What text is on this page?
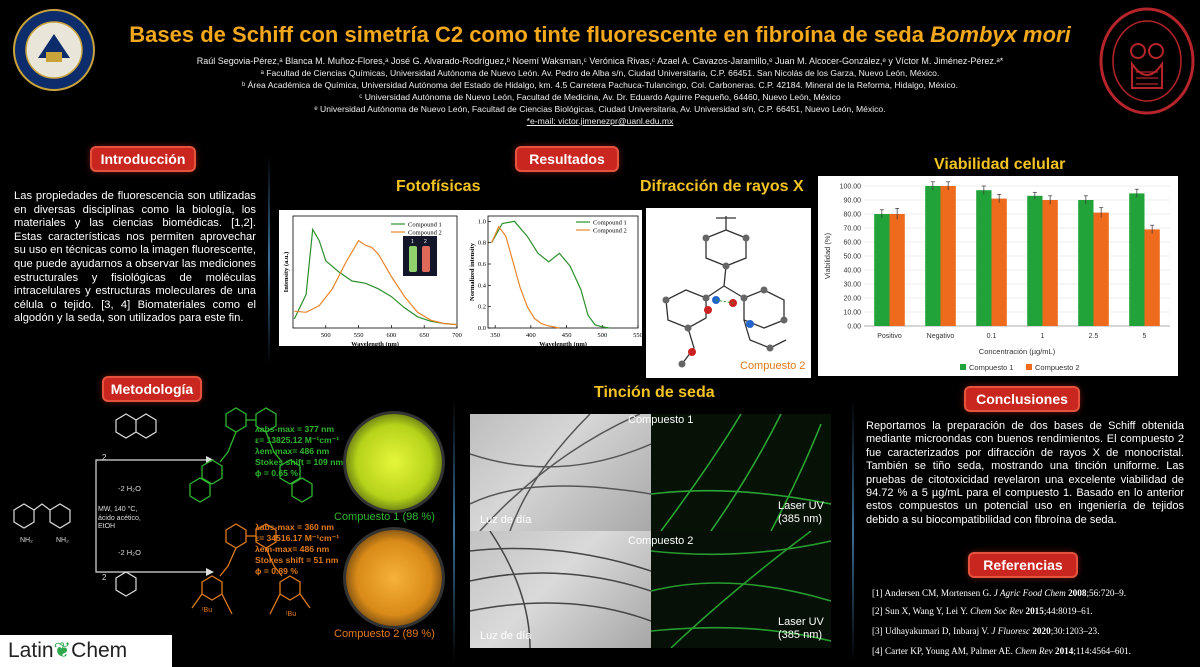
Bases de Schiff con simetría C2 como tinte fluorescente en fibroína de seda Bombyx mori
Raúl Segovia-Pérez,ᵃ Blanca M. Muñoz-Flores,ᵃ José G. Alvarado-Rodríguez,ᵇ Noemí Waksman,ᶜ Verónica Rivas,ᶜ Azael A. Cavazos-Jaramillo,ᵉ Juan M. Alcocer-González,ᵉ y Víctor M. Jiménez-Pérez.ᵃ*
ᵃ Facultad de Ciencias Químicas, Universidad Autónoma de Nuevo León. Av. Pedro de Alba s/n, Ciudad Universitaria, C.P. 66451. San Nicolás de los Garza, Nuevo León, México.
ᵇ Área Académica de Química, Universidad Autónoma del Estado de Hidalgo, km. 4.5 Carretera Pachuca-Tulancingo, Col. Carboneras. C.P. 42184. Mineral de la Reforma, Hidalgo, México.
ᶜ Universidad Autónoma de Nuevo León, Facultad de Medicina, Av. Dr. Eduardo Aguirre Pequeño, 64460, Nuevo León, México
ᵉ Universidad Autónoma de Nuevo León, Facultad de Ciencias Biológicas, Ciudad Universitaria, Av. Universidad s/n, C.P. 66451, Nuevo León, México.
*e-mail: victor.jimenezpr@uanl.edu.mx
Introducción
Las propiedades de fluorescencia son utilizadas en diversas disciplinas como la biología, los materiales y las ciencias biomédicas. [1,2]. Estas características nos permiten aprovechar su uso en técnicas como la imagen fluorescente, que puede ayudarnos a observar las mediciones estructurales y fisiológicas de moléculas intracelulares y estructuras moleculares de una célula o tejido. [3, 4] Biomateriales como el algodón y la seda, son utilizados para este fin.
Resultados
Fotofísicas	Difracción de rayos X
Viabilidad celular
500	550	600	650	700
Wavelength (nm)
Intensity (a.u.)
Compound 1
Compound 2
1 2
350	400	450	500	550
0.0
0.2
0.4
0.6
0.8
1.0
Wavelength (nm)
Normalized intensity
Compound 1
Compound 2
Compuesto 2
0.00
10.00
20.00
30.00
40.00
50.00
60.00
70.00
80.00
90.00
100.00
Positivo	Negativo	0.1	1	2.5	5
Concentración (µg/mL)
Viabilidad (%)
Compuesto 1	Compuesto 2
Metodología
ᵗBu
ᵗBu
NH₂	NH₂
2
2
-2 H₂O
MW, 140 °C, ácido acético, EtOH
-2 H₂O
λabs-max = 377 nm
ε= 13825.12 M⁻¹cm⁻¹
λem-max= 486 nm
Stokes shift = 109 nm
ϕ = 0.65 %
λabs-max = 360 nm
ε= 34516.17 M⁻¹cm⁻¹
λem-max= 486 nm
Stokes shift = 51 nm
ϕ = 0.89 %
Compuesto 1 (98 %)
Compuesto 2 (89 %)
Tinción de seda
Compuesto 1
Compuesto 2
Luz de día
Luz de día
Laser UV
(385 nm)
Laser UV
(385 nm)
Conclusiones
Reportamos la preparación de dos bases de Schiff obtenida mediante microondas con buenos rendimientos. El compuesto 2 fue caracterizados por difracción de rayos X de monocristal. También se tiño seda, mostrando una tinción uniforme. Las pruebas de citotoxicidad revelaron una excelente viabilidad de 94.72 % a 5 µg/mL para el compuesto 1. Basado en lo anterior estos compuestos un potencial uso en ingeniería de tejidos debido a su biocompatibilidad con fibroína de seda.
Referencias
[1] Andersen CM, Mortensen G. J Agric Food Chem 2008;56:720–9.
[2] Sun X, Wang Y, Lei Y. Chem Soc Rev 2015;44:8019–61.
[3] Udhayakumari D, Inbaraj V. J Fluoresc 2020;30:1203–23.
[4] Carter KP, Young AM, Palmer AE. Chem Rev 2014;114:4564–601.
Latin❦Chem
